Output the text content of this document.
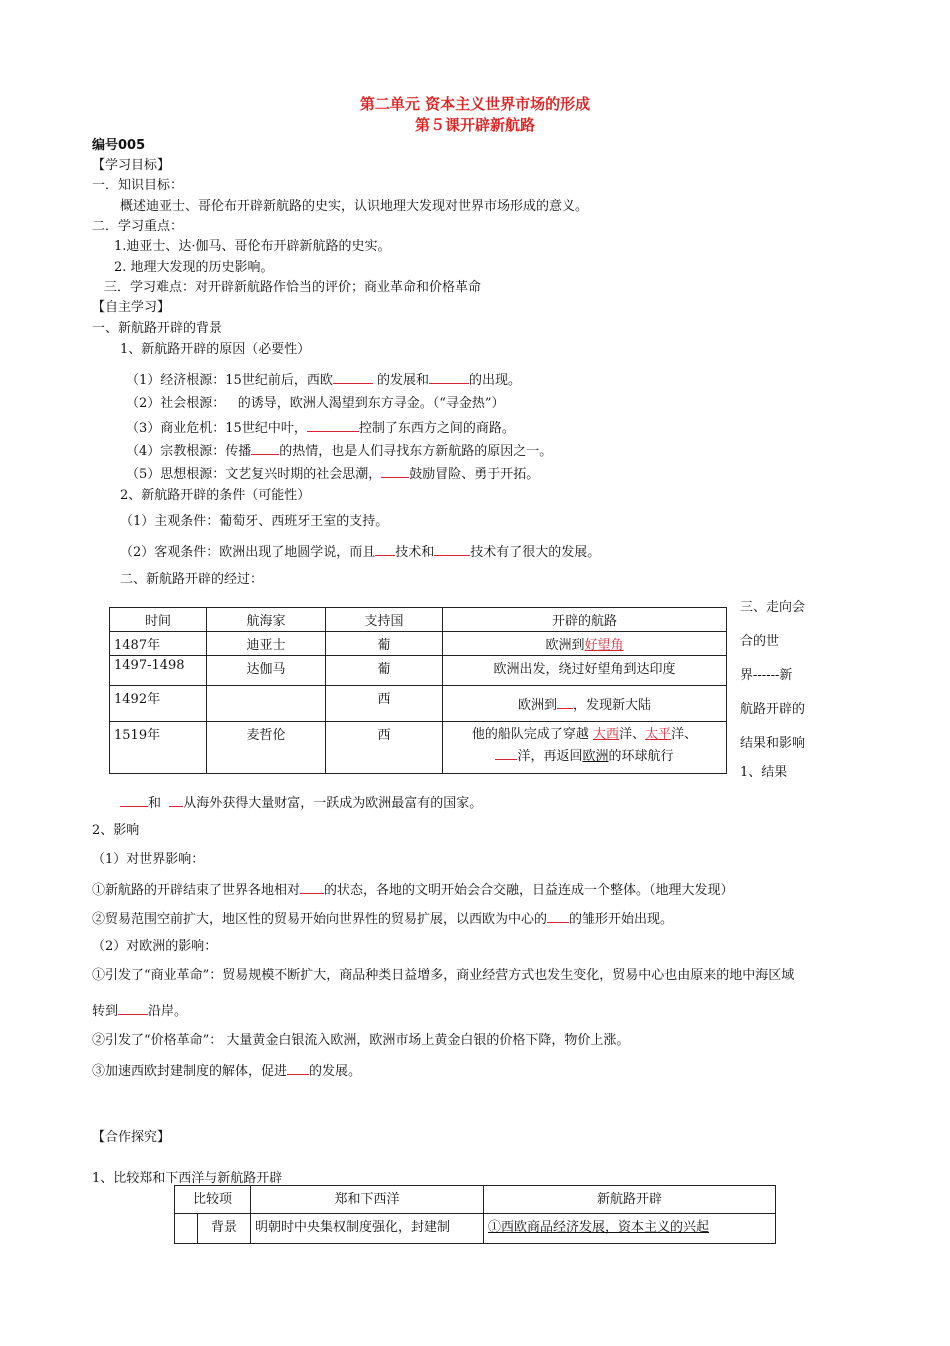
第二单元 资本主义世界市场的形成
第５课开辟新航路
编号005
【学习目标】
一．知识目标：
概述迪亚士、哥伦布开辟新航路的史实，认识地理大发现对世界市场形成的意义。
二．学习重点：
1.迪亚士、达·伽马、哥伦布开辟新航路的史实。
2. 地理大发现的历史影响。
三．学习难点：对开辟新航路作恰当的评价；商业革命和价格革命
【自主学习】
一、新航路开辟的背景
1、新航路开辟的原因（必要性）
（1）经济根源：15世纪前后，西欧	的发展和	的出现。
（2）社会根源： 的诱导，欧洲人渴望到东方寻金。（“寻金热”）
（3）商业危机：15世纪中叶，	控制了东西方之间的商路。
（4）宗教根源：传播 的热情，也是人们寻找东方新航路的原因之一。
（5）思想根源：文艺复兴时期的社会思潮， 鼓励冒险、勇于开拓。
2、新航路开辟的条件（可能性）
（1）主观条件：葡萄牙、西班牙王室的支持。
（2）客观条件：欧洲出现了地圆学说，而且 技术和	技术有了很大的发展。
二、新航路开辟的经过：
时间	航海家	支持国	开辟的航路
1487年	迪亚士	葡	欧洲到好望角
1497-1498	达伽马	葡	欧洲出发，绕过好望角到达印度
1492年		西	欧洲到 ，发现新大陆
1519年	麦哲伦	西	他的船队完成了穿越 大西洋、太平洋、
洋，再返回欧洲的环球航行
三、走向会
合的世
界------新
航路开辟的
结果和影响
1、结果
和 从海外获得大量财富，一跃成为欧洲最富有的国家。
2、影响
（1）对世界影响：
①新航路的开辟结束了世界各地相对 的状态，各地的文明开始会合交融，日益连成一个整体。（地理大发现）
②贸易范围空前扩大，地区性的贸易开始向世界性的贸易扩展，以西欧为中心的 的雏形开始出现。
（2）对欧洲的影响：
①引发了“商业革命”：贸易规模不断扩大，商品种类日益增多，商业经营方式也发生变化，贸易中心也由原来的地中海区域
转到 沿岸。
②引发了“价格革命”： 大量黄金白银流入欧洲，欧洲市场上黄金白银的价格下降，物价上涨。
③加速西欧封建制度的解体，促进 的发展。
【合作探究】
1、比较郑和下西洋与新航路开辟
比较项		郑和下西洋	新航路开辟
	背景	明朝时中央集权制度强化，封建制	①西欧商品经济发展，资本主义的兴起
